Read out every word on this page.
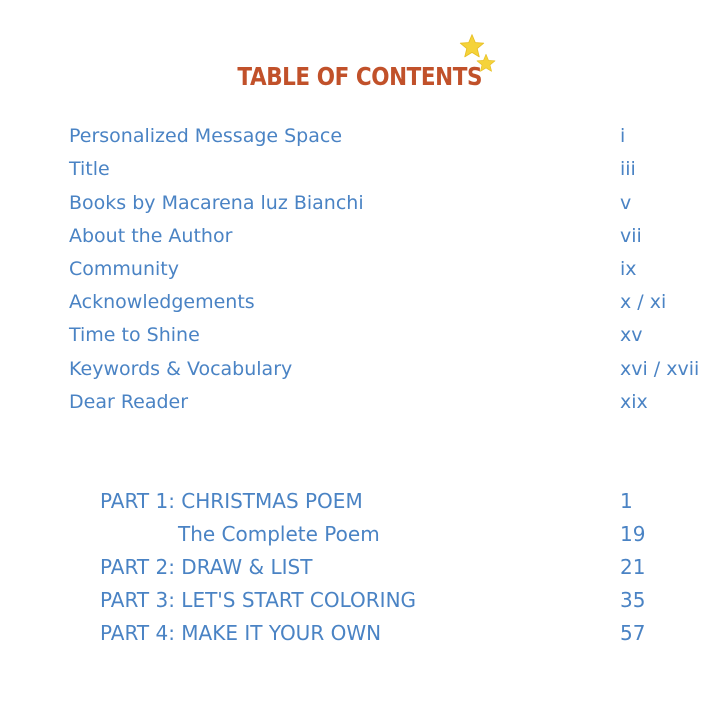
TABLE OF CONTENTS
Personalized Message Space	i
Title	iii
Books by Macarena luz Bianchi	v
About the Author	vii
Community	ix
Acknowledgements	x / xi
Time to Shine	xv
Keywords & Vocabulary	xvi / xvii
Dear Reader	xix
PART 1: CHRISTMAS POEM	1
The Complete Poem	19
PART 2: DRAW & LIST	21
PART 3: LET'S START COLORING	35
PART 4: MAKE IT YOUR OWN	57
